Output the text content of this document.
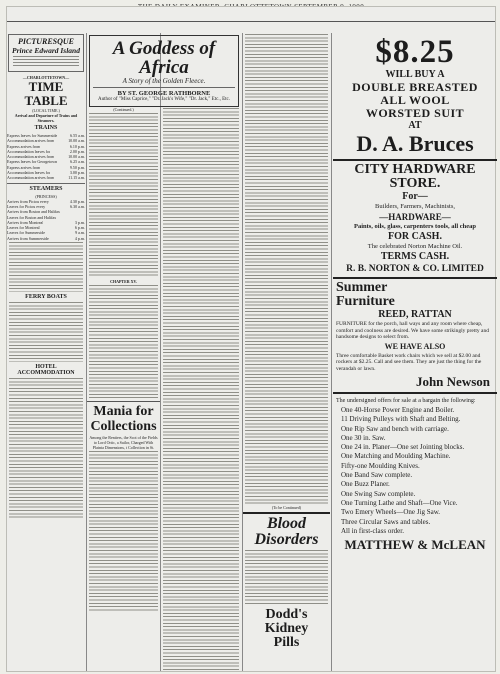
PICTURESQUE
Prince Edward Island
—CHARLOTTETOWN—
TIME TABLE
(LOCAL TIME.)
Arrival and Departure of Trains and Steamers.
TRAINS
Express leaves for Summerside	6.55 a.m.
Accommodation arrives from	10.00 a.m.
Express arrives from	6.10 p.m.
Accommodation leaves for	2.00 p.m.
Accommodation arrives from	10.00 a.m.
Express leaves for Georgetown	6.25 a.m.
Express arrives from	9.50 p.m.
Accommodation leaves for	3.00 p.m.
Accommodation arrives from	11.15 a.m.
STEAMERS
(PRINCESS)
Arrives from Pictou every	4.30 p.m.
Leaves for Pictou every	6.30 a.m.
Arrives from Boston and Halifax
Leaves for Boston and Halifax
Arrives from Montreal	3 p.m.
Leaves for Montreal	6 p.m.
Leaves for Summerside	9 a.m.
Arrives from Summerside	4 p.m.
FERRY BOATS
HOTEL ACCOMMODATION
A Goddess of Africa
A Story of the Golden Fleece.
BY ST. GEORGE RATHBORNE
Author of "Miss Caprice," "Dr. Jack's Wife," "Dr. Jack," Etc., Etc.
(Continued.)
CHAPTER XV.
Mania for Collections
Among the Rentiers, the Scot of the Fields to Lord Ortic, a Sailor, Charged With Plainta Dimensions, t Collection in St.
(To be Continued)
Blood
Disorders
Dodd's
Kidney
Pills
$8.25
WILL BUY A
DOUBLE BREASTED
ALL WOOL
WORSTED SUIT
AT
D. A. Bruces
CITY HARDWARE STORE.
For—
Builders, Farmers, Machinists,
—HARDWARE—
Paints, oils, glass, carpenters tools, all cheap
FOR CASH.
The celebrated Norton Machine Oil.
TERMS CASH.
R. B. NORTON & CO. LIMITED
Summer
Furniture
REED, RATTAN
FURNITURE for the porch, hall ways and any room where cheap, comfort and coolness are desired. We have some strikingly pretty and handsome designs to select from.
WE HAVE ALSO
Three comfortable Basket work chairs which we sell at $2.00 and rockers at $2.25. Call and see them. They are just the thing for the verandah or lawn.
John Newson
The undersigned offers for sale at a bargain the following:
One 40-Horse Power Engine and Boiler.
11 Driving Pulleys with Shaft and Belting.
One Rip Saw and bench with carriage.
One 30 in. Saw.
One 24 in. Planer—One set Jointing blocks.
One Matching and Moulding Machine.
Fifty-one Moulding Knives.
One Band Saw complete.
One Buzz Planer.
One Swing Saw complete.
One Turning Lathe and Shaft—One Vice.
Two Emery Wheels—One Jig Saw.
Three Circular Saws and tables.
All in first-class order.
MATTHEW & McLEAN
